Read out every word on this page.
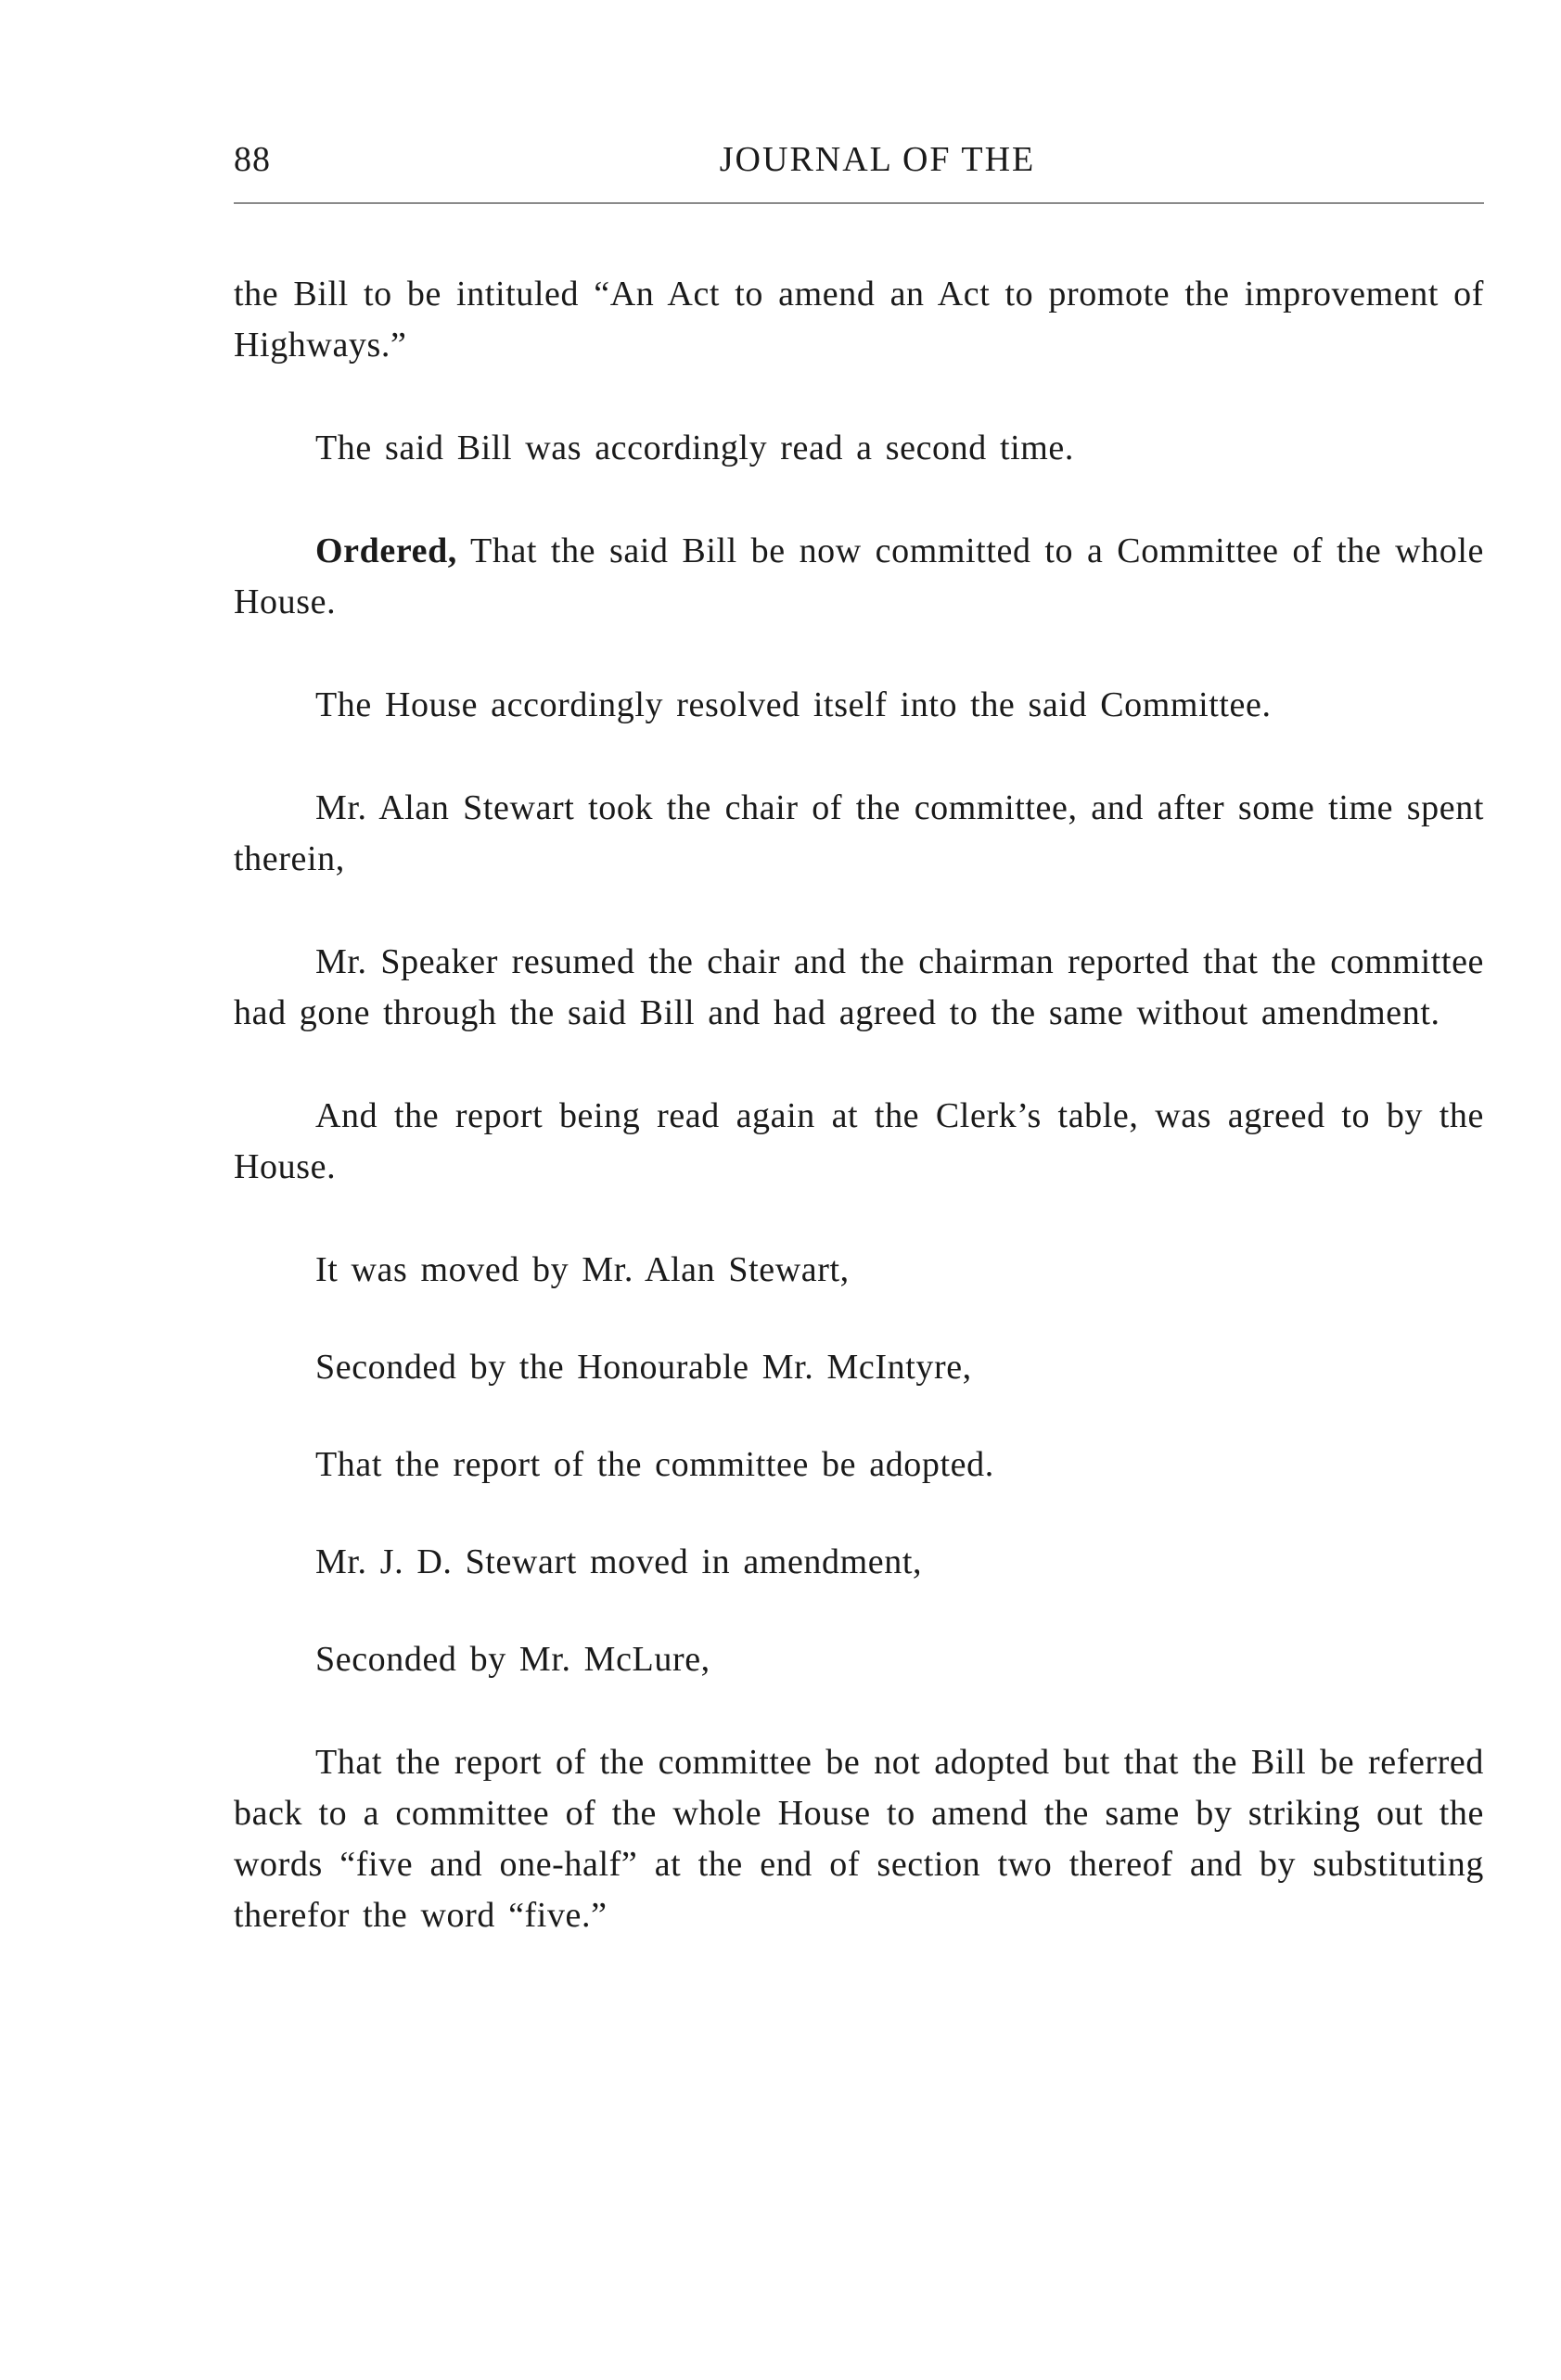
88	JOURNAL OF THE

the Bill to be intituled “An Act to amend an Act to promote the improvement of Highways.”

The said Bill was accordingly read a second time.

Ordered, That the said Bill be now committed to a Committee of the whole House.

The House accordingly resolved itself into the said Committee.

Mr. Alan Stewart took the chair of the committee, and after some time spent therein,

Mr. Speaker resumed the chair and the chairman reported that the committee had gone through the said Bill and had agreed to the same without amendment.

And the report being read again at the Clerk’s table, was agreed to by the House.

It was moved by Mr. Alan Stewart,

Seconded by the Honourable Mr. McIntyre,

That the report of the committee be adopted.

Mr. J. D. Stewart moved in amendment,

Seconded by Mr. McLure,

That the report of the committee be not adopted but that the Bill be referred back to a committee of the whole House to amend the same by striking out the words “five and one-half” at the end of section two thereof and by substituting therefor the word “five.”
